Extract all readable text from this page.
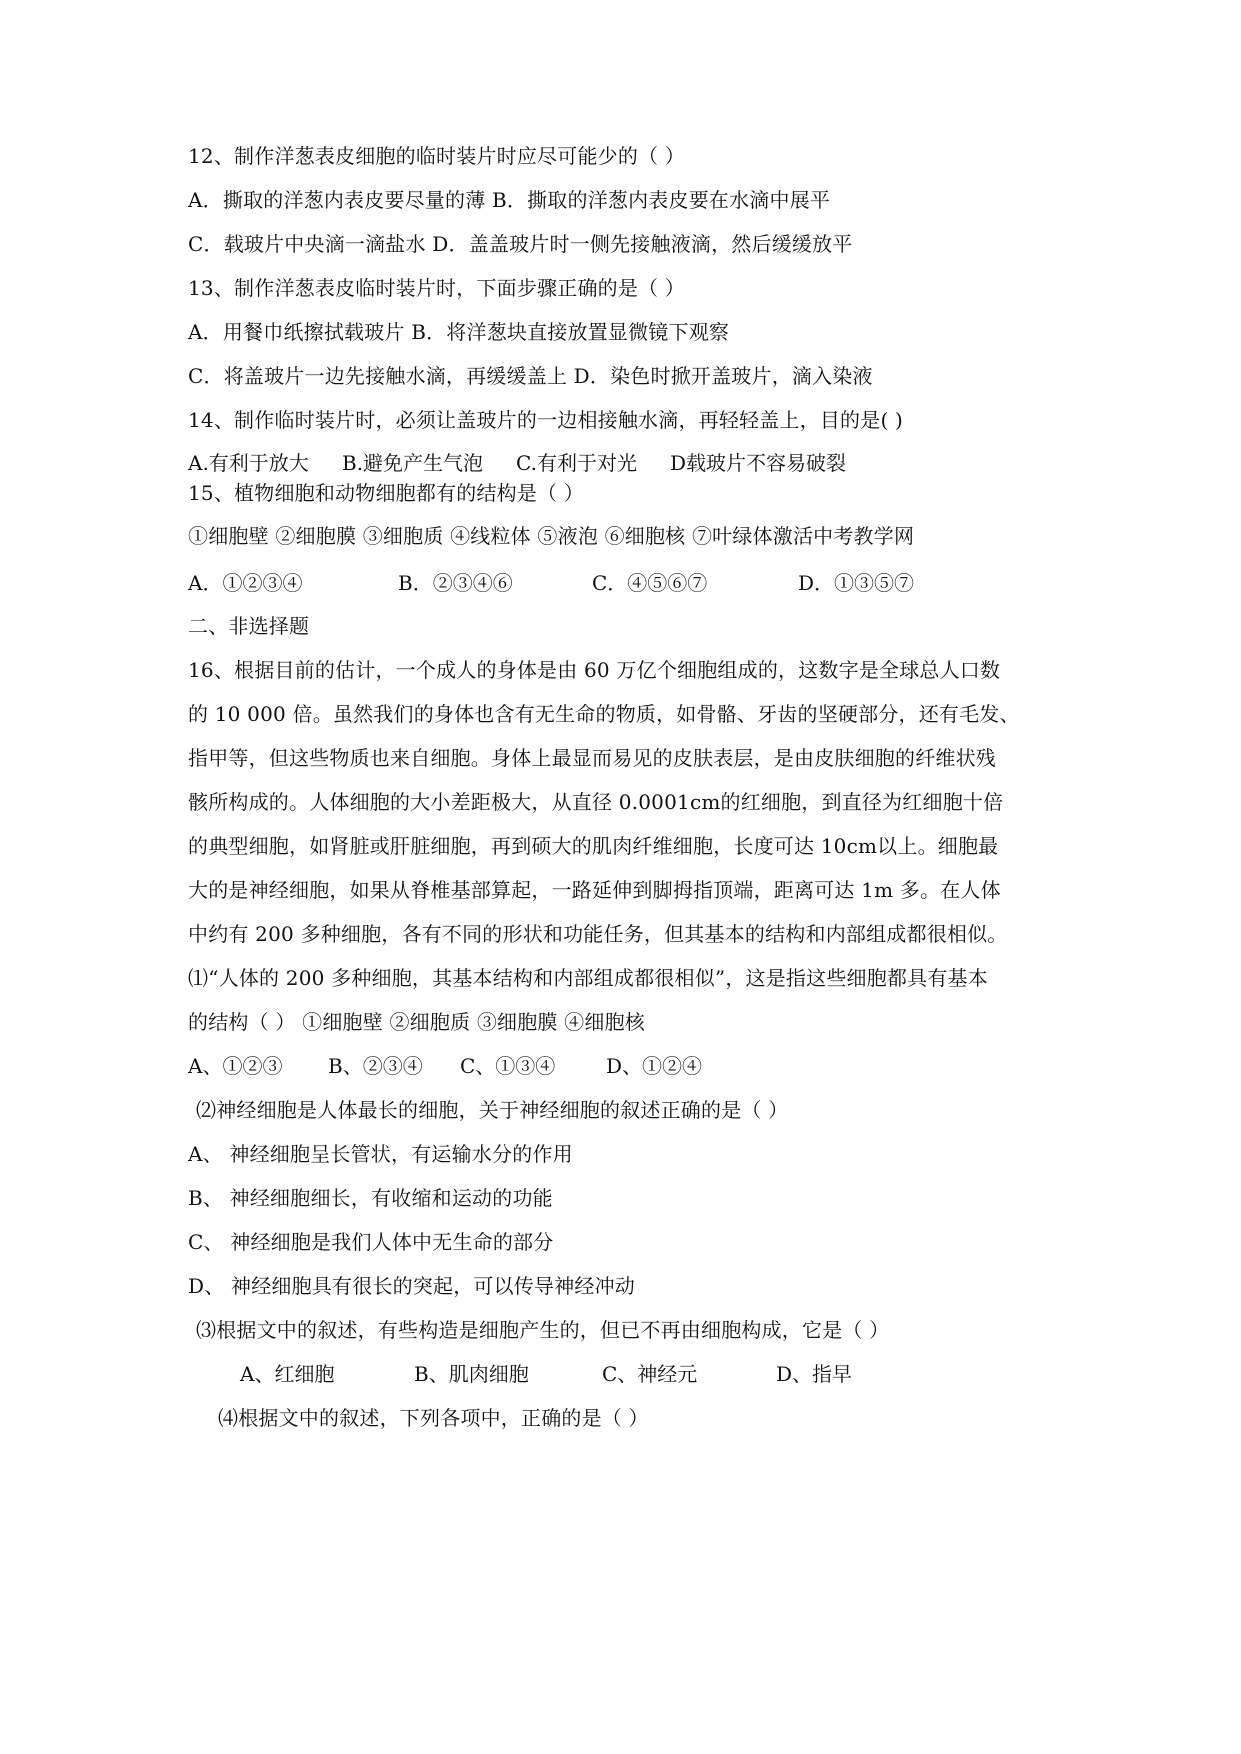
12、制作洋葱表皮细胞的临时装片时应尽可能少的（ ）
A．撕取的洋葱内表皮要尽量的薄 B．撕取的洋葱内表皮要在水滴中展平
C．载玻片中央滴一滴盐水 D．盖盖玻片时一侧先接触液滴，然后缓缓放平
13、制作洋葱表皮临时装片时，下面步骤正确的是（ ）
A．用餐巾纸擦拭载玻片 B．将洋葱块直接放置显微镜下观察
C．将盖玻片一边先接触水滴，再缓缓盖上 D．染色时掀开盖玻片，滴入染液
14、制作临时装片时，必须让盖玻片的一边相接触水滴，再轻轻盖上，目的是( )
A.有利于放大 B.避免产生气泡 C.有利于对光 D载玻片不容易破裂
15、植物细胞和动物细胞都有的结构是（ ）
①细胞壁 ②细胞膜 ③细胞质 ④线粒体 ⑤液泡 ⑥细胞核 ⑦叶绿体激活中考教学网
A．①②③④	B．②③④⑥	C．④⑤⑥⑦	D．①③⑤⑦
二、非选择题
16、根据目前的估计，一个成人的身体是由 60 万亿个细胞组成的，这数字是全球总人口数
的 10 000 倍。虽然我们的身体也含有无生命的物质，如骨骼、牙齿的坚硬部分，还有毛发、
指甲等，但这些物质也来自细胞。身体上最显而易见的皮肤表层，是由皮肤细胞的纤维状残
骸所构成的。人体细胞的大小差距极大，从直径 0.0001cm的红细胞，到直径为红细胞十倍
的典型细胞，如肾脏或肝脏细胞，再到硕大的肌肉纤维细胞，长度可达 10cm以上。细胞最
大的是神经细胞，如果从脊椎基部算起，一路延伸到脚拇指顶端，距离可达 1m 多。在人体
中约有 200 多种细胞，各有不同的形状和功能任务，但其基本的结构和内部组成都很相似。
⑴“人体的 200 多种细胞，其基本结构和内部组成都很相似”，这是指这些细胞都具有基本
的结构（ ） ①细胞壁 ②细胞质 ③细胞膜 ④细胞核
A、①②③ B、②③④ C、①③④	D、①②④
⑵神经细胞是人体最长的细胞，关于神经细胞的叙述正确的是（ ）
A、 神经细胞呈长管状，有运输水分的作用
B、 神经细胞细长，有收缩和运动的功能
C、 神经细胞是我们人体中无生命的部分
D、 神经细胞具有很长的突起，可以传导神经冲动
⑶根据文中的叙述，有些构造是细胞产生的，但已不再由细胞构成，它是（ ）
A、红细胞	B、肌肉细胞	C、神经元	D、指早
⑷根据文中的叙述，下列各项中，正确的是（ ）
